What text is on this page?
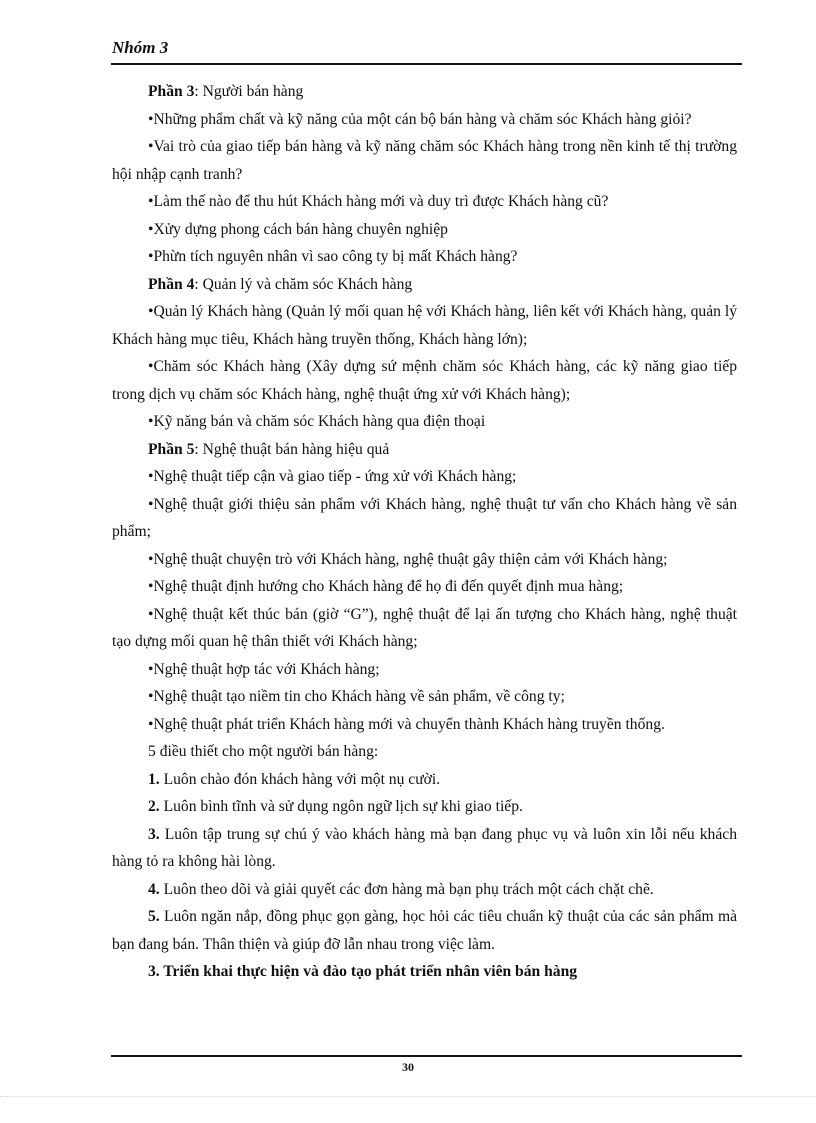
Nhóm 3

Phần 3: Người bán hàng

•Những phẩm chất và kỹ năng của một cán bộ bán hàng và chăm sóc Khách hàng giỏi?

•Vai trò của giao tiếp bán hàng và kỹ năng chăm sóc Khách hàng trong nền kinh tế thị trường hội nhập cạnh tranh?

•Làm thế nào để thu hút Khách hàng mới và duy trì được Khách hàng cũ?

•Xửy dựng phong cách bán hàng chuyên nghiệp

•Phừn tích nguyên nhân vì sao công ty bị mất Khách hàng?

Phần 4: Quản lý và chăm sóc Khách hàng

•Quản lý Khách hàng (Quản lý mối quan hệ với Khách hàng, liên kết với Khách hàng, quản lý Khách hàng mục tiêu, Khách hàng truyền thống, Khách hàng lớn);

•Chăm sóc Khách hàng (Xây dựng sứ mệnh chăm sóc Khách hàng, các kỹ năng giao tiếp trong dịch vụ chăm sóc Khách hàng, nghệ thuật ứng xử với Khách hàng);

•Kỹ năng bán và chăm sóc Khách hàng qua điện thoại

Phần 5: Nghệ thuật bán hàng hiệu quả

•Nghệ thuật tiếp cận và giao tiếp - ứng xử với Khách hàng;

•Nghệ thuật giới thiệu sản phẩm với Khách hàng, nghệ thuật tư vấn cho Khách hàng về sản phẩm;

•Nghệ thuật chuyện trò với Khách hàng, nghệ thuật gây thiện cảm với Khách hàng;

•Nghệ thuật định hướng cho Khách hàng để họ đi đến quyết định mua hàng;

•Nghệ thuật kết thúc bán (giờ “G”), nghệ thuật để lại ấn tượng cho Khách hàng, nghệ thuật tạo dựng mối quan hệ thân thiết với Khách hàng;

•Nghệ thuật hợp tác với Khách hàng;

•Nghệ thuật tạo niềm tin cho Khách hàng về sản phẩm, về công ty;

•Nghệ thuật phát triển Khách hàng mới và chuyển thành Khách hàng truyền thống.

5 điều thiết cho một người bán hàng:

1. Luôn chào đón khách hàng với một nụ cười.

2. Luôn bình tĩnh và sử dụng ngôn ngữ lịch sự khi giao tiếp.

3. Luôn tập trung sự chú ý vào khách hàng mà bạn đang phục vụ và luôn xin lỗi nếu khách hàng tỏ ra không hài lòng.

4. Luôn theo dõi và giải quyết các đơn hàng mà bạn phụ trách một cách chặt chẽ.

5. Luôn ngăn nắp, đồng phục gọn gàng, học hỏi các tiêu chuẩn kỹ thuật của các sản phẩm mà bạn đang bán. Thân thiện và giúp đỡ lẫn nhau trong việc làm.

3. Triển khai thực hiện và đào tạo phát triển nhân viên bán hàng

30
